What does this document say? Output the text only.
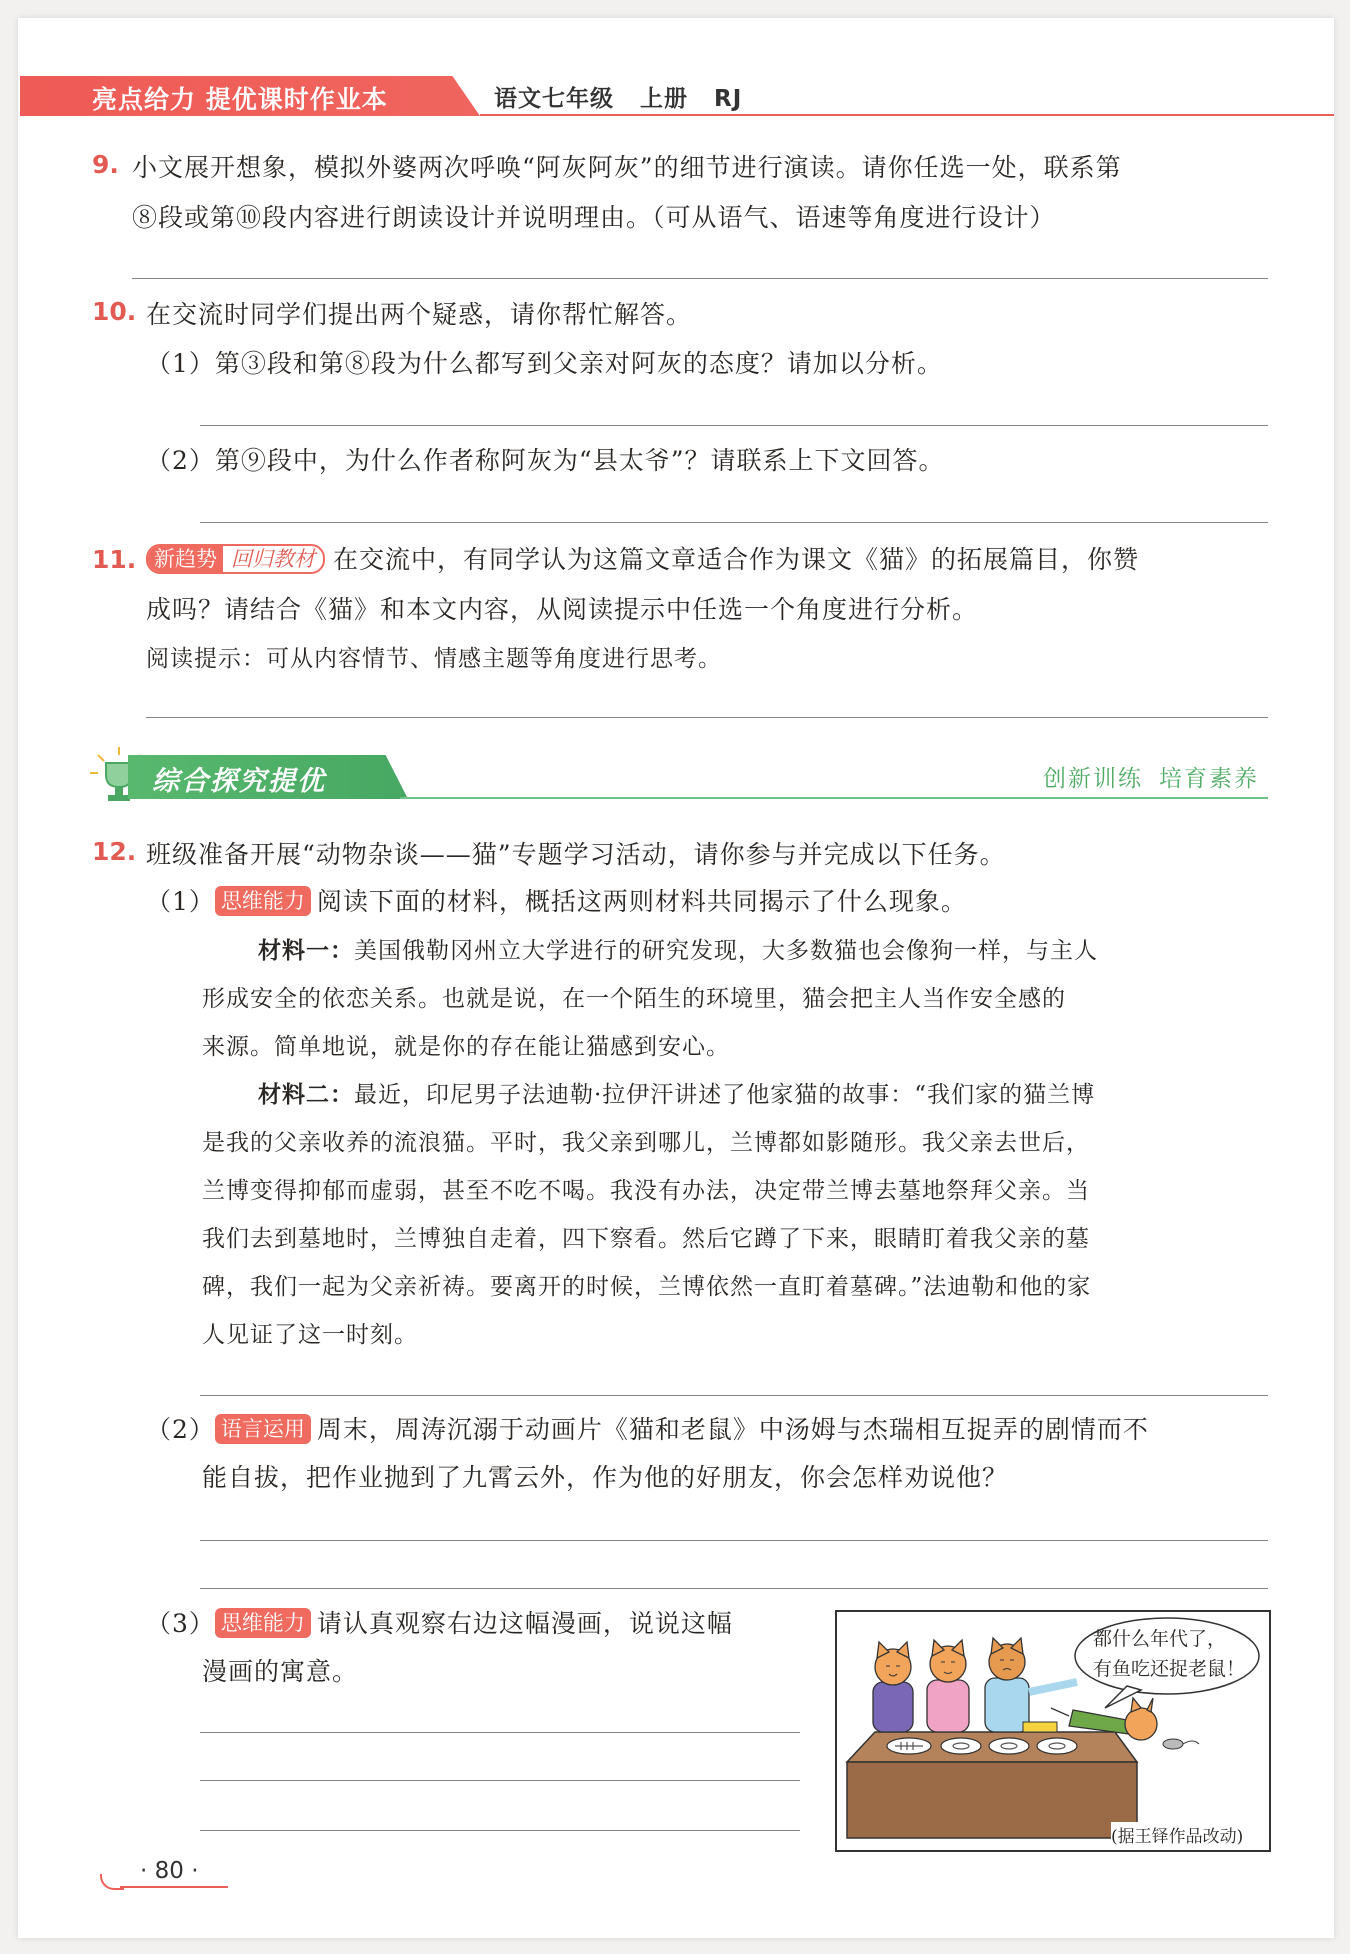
亮点给力 提优课时作业本	语文七年级 上册 RJ
9. 小文展开想象，模拟外婆两次呼唤“阿灰阿灰”的细节进行演读。请你任选一处，联系第
⑧段或第⑩段内容进行朗读设计并说明理由。（可从语气、语速等角度进行设计）
10. 在交流时同学们提出两个疑惑，请你帮忙解答。
（1）第③段和第⑧段为什么都写到父亲对阿灰的态度？请加以分析。
（2）第⑨段中，为什么作者称阿灰为“县太爷”？请联系上下文回答。
11. 新趋势 回归教材 在交流中，有同学认为这篇文章适合作为课文《猫》的拓展篇目，你赞
成吗？请结合《猫》和本文内容，从阅读提示中任选一个角度进行分析。
阅读提示：可从内容情节、情感主题等角度进行思考。
综合探究提优	创新训练 培育素养
12. 班级准备开展“动物杂谈——猫”专题学习活动，请你参与并完成以下任务。
（1） 思维能力 阅读下面的材料，概括这两则材料共同揭示了什么现象。
材料一：美国俄勒冈州立大学进行的研究发现，大多数猫也会像狗一样，与主人
形成安全的依恋关系。也就是说，在一个陌生的环境里，猫会把主人当作安全感的
来源。简单地说，就是你的存在能让猫感到安心。
材料二：最近，印尼男子法迪勒·拉伊汗讲述了他家猫的故事：“我们家的猫兰博
是我的父亲收养的流浪猫。平时，我父亲到哪儿，兰博都如影随形。我父亲去世后，
兰博变得抑郁而虚弱，甚至不吃不喝。我没有办法，决定带兰博去墓地祭拜父亲。当
我们去到墓地时，兰博独自走着，四下察看。然后它蹲了下来，眼睛盯着我父亲的墓
碑，我们一起为父亲祈祷。要离开的时候，兰博依然一直盯着墓碑。”法迪勒和他的家
人见证了这一时刻。
（2） 语言运用 周末，周涛沉溺于动画片《猫和老鼠》中汤姆与杰瑞相互捉弄的剧情而不
能自拔，把作业抛到了九霄云外，作为他的好朋友，你会怎样劝说他？
（3） 思维能力 请认真观察右边这幅漫画，说说这幅
漫画的寓意。
都什么年代了，
有鱼吃还捉老鼠！
(据王铎作品改动)
· 80 ·
